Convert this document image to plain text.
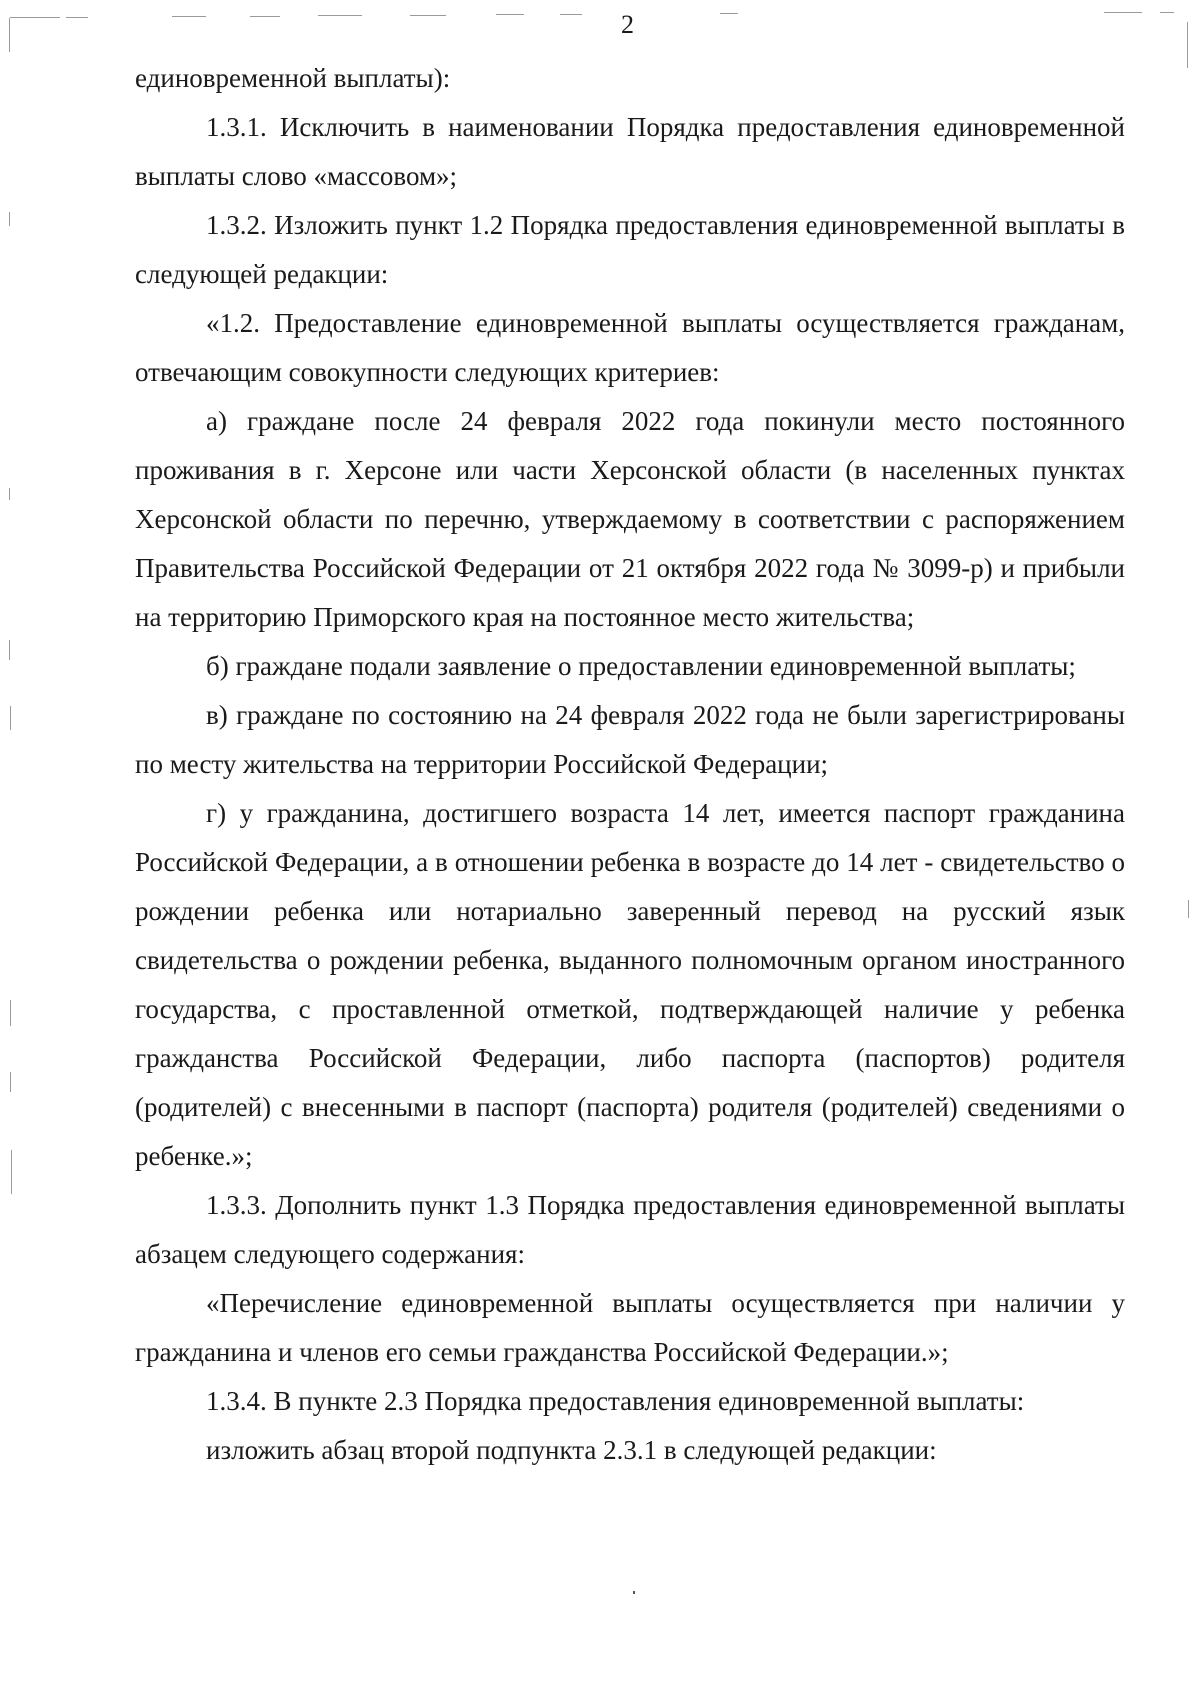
2

единовременной выплаты):

1.3.1. Исключить в наименовании Порядка предоставления единовременной выплаты слово «массовом»;

1.3.2. Изложить пункт 1.2 Порядка предоставления единовременной выплаты в следующей редакции:

«1.2. Предоставление единовременной выплаты осуществляется гражданам, отвечающим совокупности следующих критериев:

а) граждане после 24 февраля 2022 года покинули место постоянного проживания в г. Херсоне или части Херсонской области (в населенных пунктах Херсонской области по перечню, утверждаемому в соответствии с распоряжением Правительства Российской Федерации от 21 октября 2022 года № 3099-р) и прибыли на территорию Приморского края на постоянное место жительства;

б) граждане подали заявление о предоставлении единовременной выплаты;

в) граждане по состоянию на 24 февраля 2022 года не были зарегистрированы по месту жительства на территории Российской Федерации;

г) у гражданина, достигшего возраста 14 лет, имеется паспорт гражданина Российской Федерации, а в отношении ребенка в возрасте до 14 лет - свидетельство о рождении ребенка или нотариально заверенный перевод на русский язык свидетельства о рождении ребенка, выданного полномочным органом иностранного государства, с проставленной отметкой, подтверждающей наличие у ребенка гражданства Российской Федерации, либо паспорта (паспортов) родителя (родителей) с внесенными в паспорт (паспорта) родителя (родителей) сведениями о ребенке.»;

1.3.3. Дополнить пункт 1.3 Порядка предоставления единовременной выплаты абзацем следующего содержания:

«Перечисление единовременной выплаты осуществляется при наличии у гражданина и членов его семьи гражданства Российской Федерации.»;

1.3.4. В пункте 2.3 Порядка предоставления единовременной выплаты:

изложить абзац второй подпункта 2.3.1 в следующей редакции:
